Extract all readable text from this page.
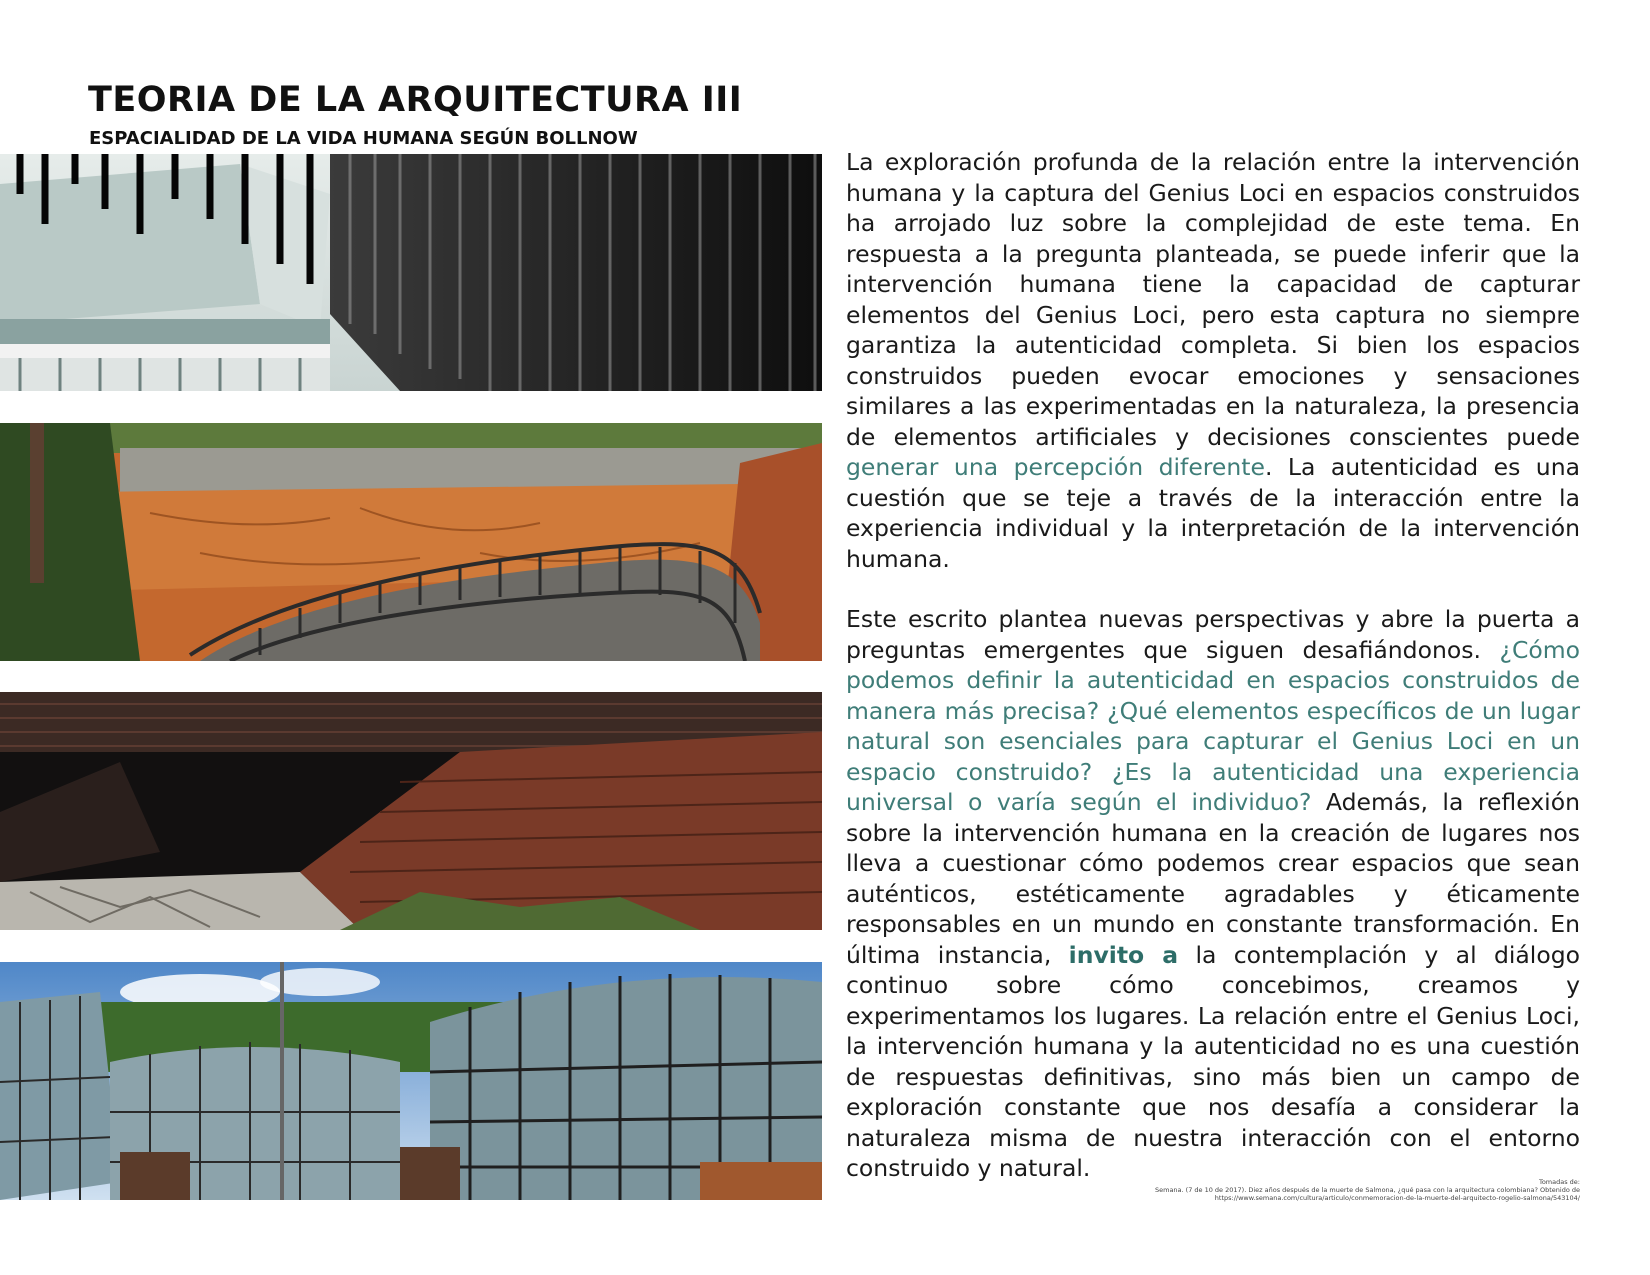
TEORIA DE LA ARQUITECTURA III
ESPACIALIDAD DE LA VIDA HUMANA SEGÚN BOLLNOW

La exploración profunda de la relación entre la intervención humana y la captura del Genius Loci en espacios construidos ha arrojado luz sobre la complejidad de este tema. En respuesta a la pregunta planteada, se puede inferir que la intervención humana tiene la capacidad de capturar elementos del Genius Loci, pero esta captura no siempre garantiza la autenticidad completa. Si bien los espacios construidos pueden evocar emociones y sensaciones similares a las experimentadas en la naturaleza, la presencia de elementos artificiales y decisiones conscientes puede generar una percepción diferente. La autenticidad es una cuestión que se teje a través de la interacción entre la experiencia individual y la interpretación de la intervención humana.

Este escrito plantea nuevas perspectivas y abre la puerta a preguntas emergentes que siguen desafiándonos. ¿Cómo podemos definir la autenticidad en espacios construidos de manera más precisa? ¿Qué elementos específicos de un lugar natural son esenciales para capturar el Genius Loci en un espacio construido? ¿Es la autenticidad una experiencia universal o varía según el individuo? Además, la reflexión sobre la intervención humana en la creación de lugares nos lleva a cuestionar cómo podemos crear espacios que sean auténticos, estéticamente agradables y éticamente responsables en un mundo en constante transformación. En última instancia, invito a la contemplación y al diálogo continuo sobre cómo concebimos, creamos y experimentamos los lugares. La relación entre el Genius Loci, la intervención humana y la autenticidad no es una cuestión de respuestas definitivas, sino más bien un campo de exploración constante que nos desafía a considerar la naturaleza misma de nuestra interacción con el entorno construido y natural.	Tomadas de:
Semana. (7 de 10 de 2017). Diez años después de la muerte de Salmona, ¿qué pasa con la arquitectura colombiana? Obtenido de
https://www.semana.com/cultura/articulo/conmemoracion-de-la-muerte-del-arquitecto-rogelio-salmona/543104/
